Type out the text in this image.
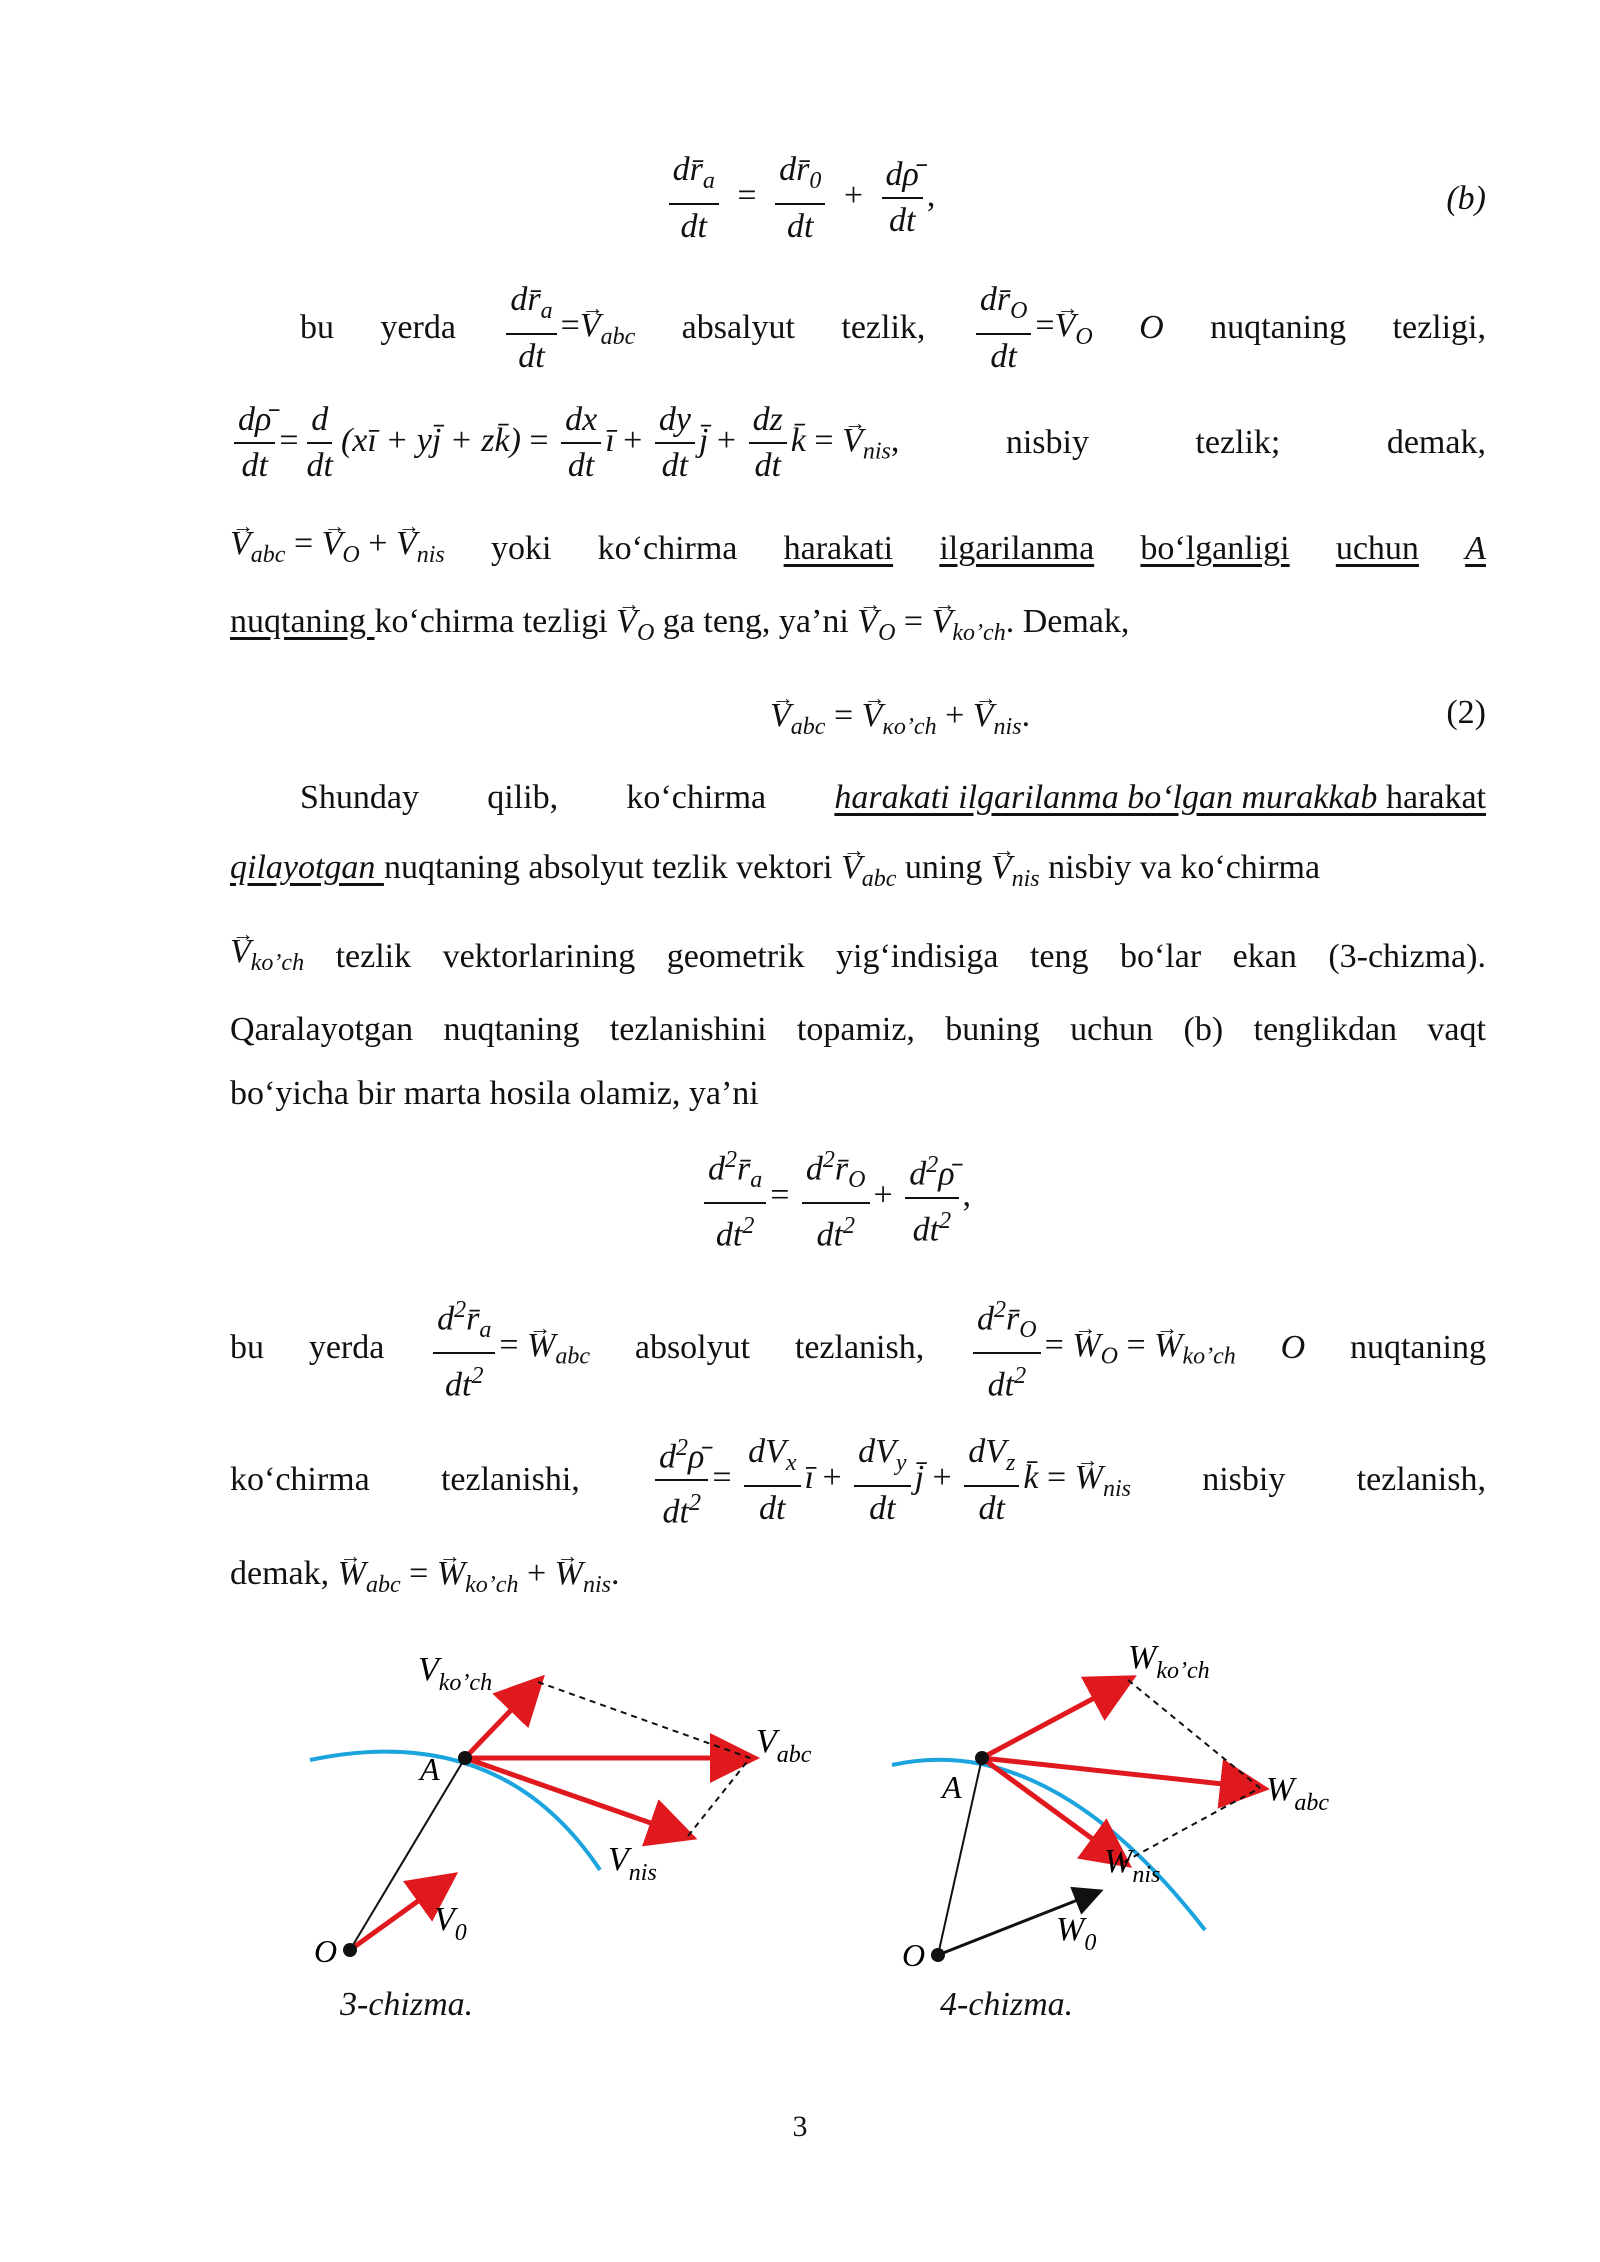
$\frac{dr̄_a}{dt} = \frac{dr̄_0}{dt} + \frac{d\rhō}{dt}$ ,	(b)
bu yerda $\frac{dr̄_a}{dt} =\to V_{abc}$ absalyut tezlik, $\frac{dr̄_O}{dt} =\to V_O$ O nuqtaning tezligi,
$\frac{d\rhō}{dt} = \frac{d}{dt}$ (xī + yj̄ + zk̄) = $\frac{dx}{dt}$ ī + $\frac{dy}{dt}$ j̄ + $\frac{dz}{dt}$ k̄ = → $V_{nis}$,	nisbiy	tezlik;	demak,
→ $V_{abc}$ = → $V_O$ + → $V_{nis}$ yoki ko‘chirma harakati ilgarilanma bo‘lganligi uchun A
nuqtaning ko‘chirma tezligi → $V_O$ ga teng, ya’ni → $V_O$ = → $V_{ko’ch}$. Demak,
→ $V_{abc}$ = → $V_{\kappa o’ch}$ + → $V_{nis}$.	(2)
Shunday qilib, ko‘chirma harakati ilgarilanma bo‘lgan murakkab harakat
qilayotgan nuqtaning absolyut tezlik vektori → $V_{abc}$ uning → $V_{nis}$ nisbiy va ko‘chirma
→ $V_{ko’ch}$ tezlik vektorlarining geometrik yig‘indisiga teng bo‘lar ekan (3-chizma).
Qaralayotgan nuqtaning tezlanishini topamiz, buning uchun (b) tenglikdan vaqt
bo‘yicha bir marta hosila olamiz, ya’ni
$\frac{d^2r̄_a}{dt^2} = \frac{d^2r̄_O}{dt^2} + \frac{d^2\rhō}{dt^2}$ ,
bu yerda $\frac{d^2r̄_a}{dt^2}$ = → $W_{abc}$ absolyut tezlanish, $\frac{d^2r̄_O}{dt^2}$ = → $W_O$ = → $W_{ko’ch}$ O nuqtaning
ko‘chirma tezlanishi, $\frac{d^2\rhō}{dt^2} = \frac{dV_x}{dt}$ ī + $\frac{dV_y}{dt}$ j̄ + $\frac{dV_z}{dt}$ k̄ = → $W_{nis}$ nisbiy tezlanish,
demak, → $W_{abc}$ = → $W_{ko’ch}$ + → $W_{nis}$.
A
O
$V_{ko’ch}$
$V_{abc}$
$V_{nis}$
$V_0$
3-chizma.
A
O
$W_{ko’ch}$
$W_{abc}$
$W_{nis}$
$W_0$
4-chizma.
3
